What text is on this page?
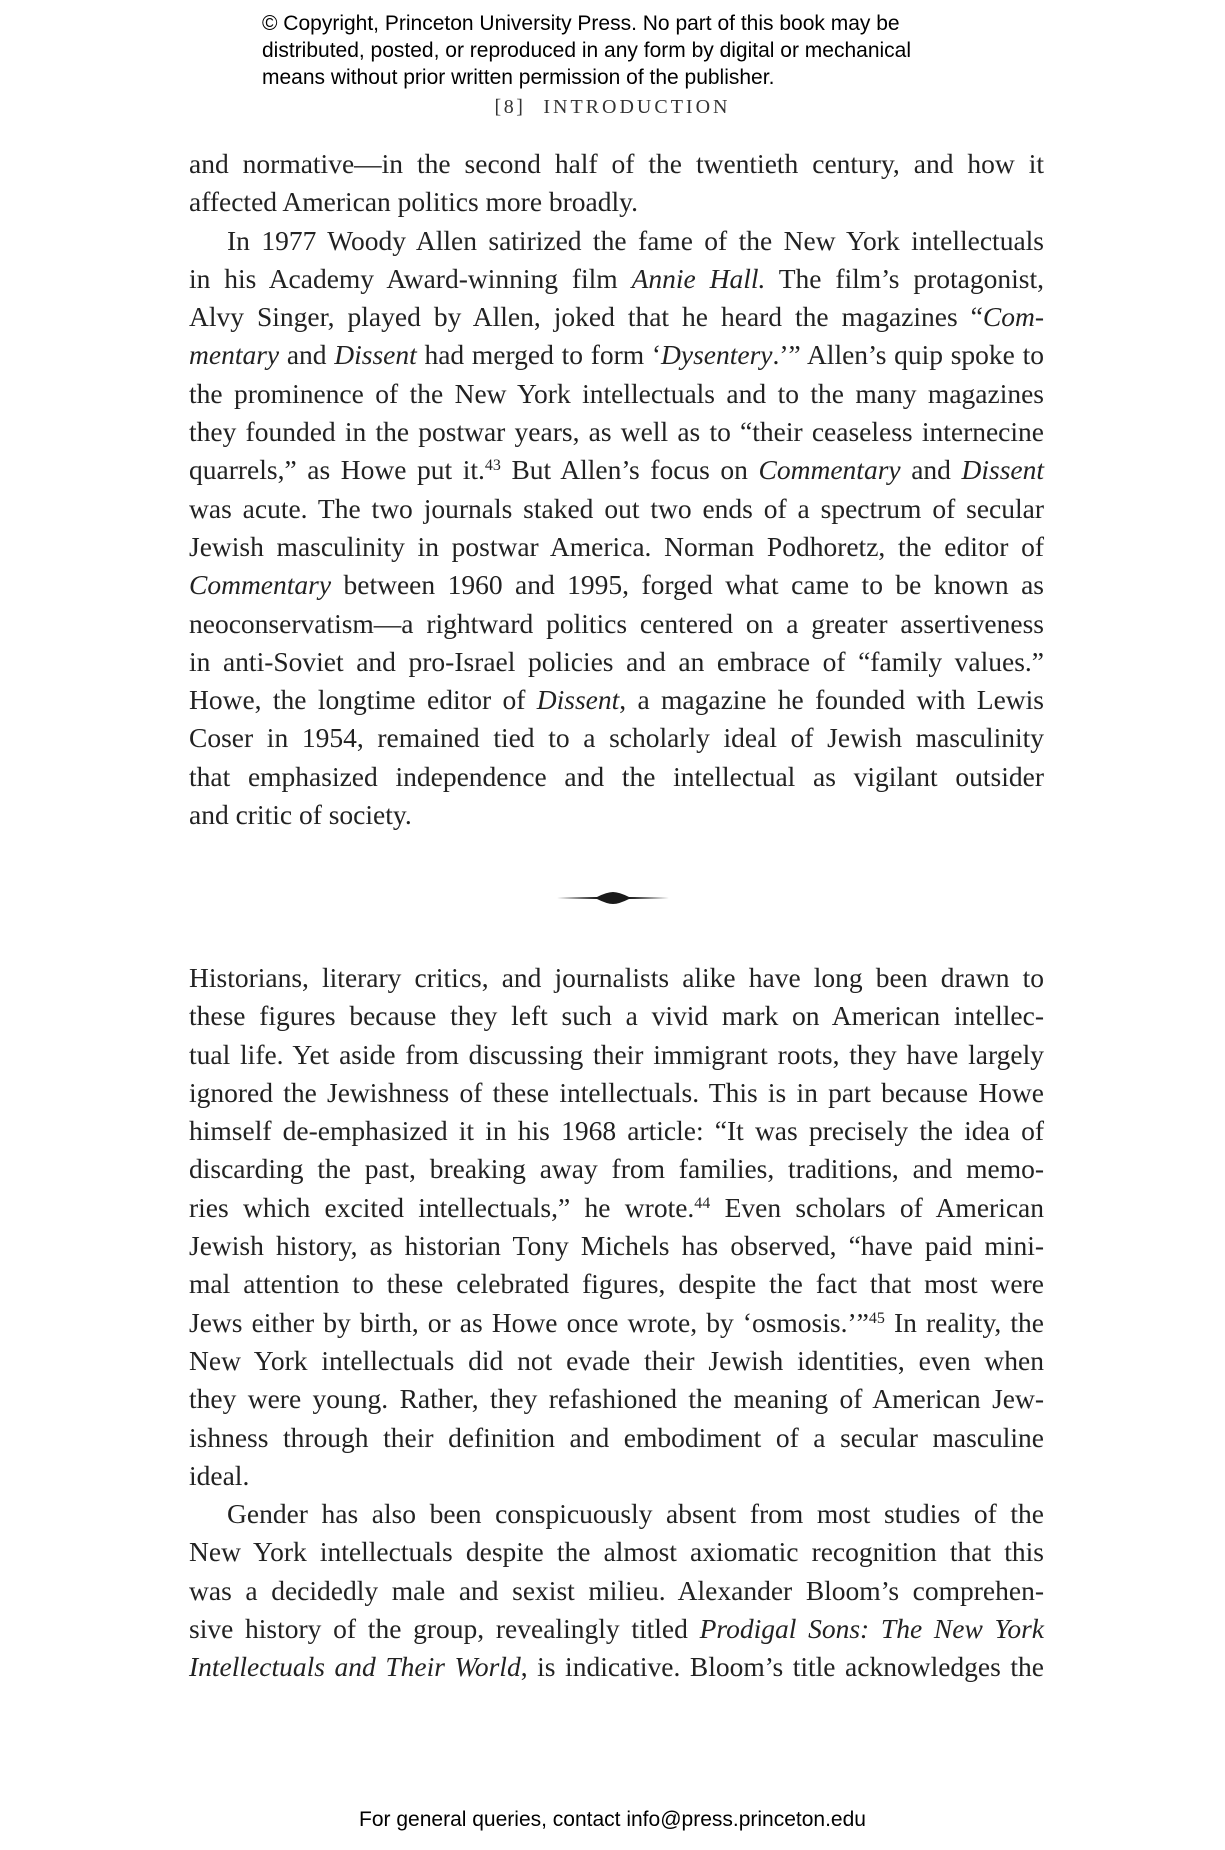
© Copyright, Princeton University Press. No part of this book may be
distributed, posted, or reproduced in any form by digital or mechanical
means without prior written permission of the publisher.
[8] INTRODUCTION
and normative—in the second half of the twentieth century, and how it
affected American politics more broadly.
In 1977 Woody Allen satirized the fame of the New York intellectuals
in his Academy Award-winning film Annie Hall. The film’s protagonist,
Alvy Singer, played by Allen, joked that he heard the magazines “Com-
mentary and Dissent had merged to form ‘Dysentery.’” Allen’s quip spoke to
the prominence of the New York intellectuals and to the many magazines
they founded in the postwar years, as well as to “their ceaseless internecine
quarrels,” as Howe put it.$^{43}$ But Allen’s focus on Commentary and Dissent
was acute. The two journals staked out two ends of a spectrum of secular
Jewish masculinity in postwar America. Norman Podhoretz, the editor of
Commentary between 1960 and 1995, forged what came to be known as
neoconservatism—a rightward politics centered on a greater assertiveness
in anti-Soviet and pro-Israel policies and an embrace of “family values.”
Howe, the longtime editor of Dissent, a magazine he founded with Lewis
Coser in 1954, remained tied to a scholarly ideal of Jewish masculinity
that emphasized independence and the intellectual as vigilant outsider
and critic of society.
Historians, literary critics, and journalists alike have long been drawn to
these figures because they left such a vivid mark on American intellec-
tual life. Yet aside from discussing their immigrant roots, they have largely
ignored the Jewishness of these intellectuals. This is in part because Howe
himself de-emphasized it in his 1968 article: “It was precisely the idea of
discarding the past, breaking away from families, traditions, and memo-
ries which excited intellectuals,” he wrote.$^{44}$ Even scholars of American
Jewish history, as historian Tony Michels has observed, “have paid mini-
mal attention to these celebrated figures, despite the fact that most were
Jews either by birth, or as Howe once wrote, by ‘osmosis.’”$^{45}$ In reality, the
New York intellectuals did not evade their Jewish identities, even when
they were young. Rather, they refashioned the meaning of American Jew-
ishness through their definition and embodiment of a secular masculine
ideal.
Gender has also been conspicuously absent from most studies of the
New York intellectuals despite the almost axiomatic recognition that this
was a decidedly male and sexist milieu. Alexander Bloom’s comprehen-
sive history of the group, revealingly titled Prodigal Sons: The New York
Intellectuals and Their World, is indicative. Bloom’s title acknowledges the
For general queries, contact info@press.princeton.edu
